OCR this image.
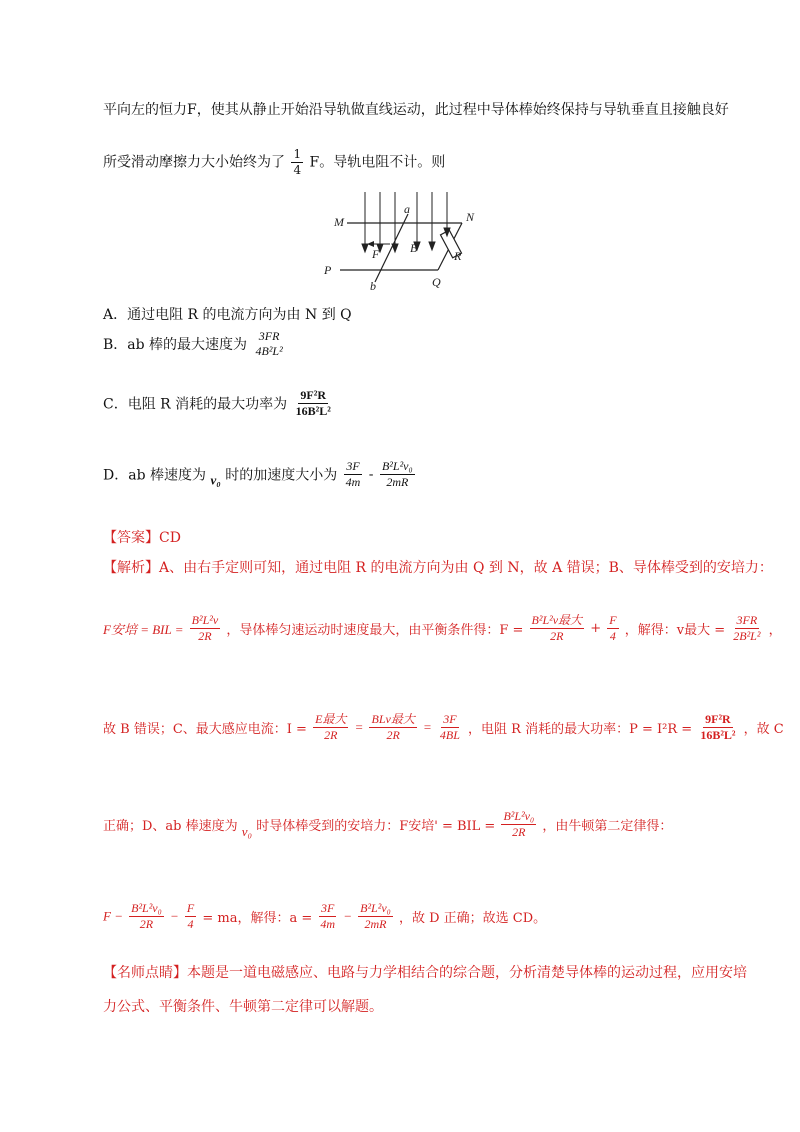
平向左的恒力F，使其从静止开始沿导轨做直线运动，此过程中导体棒始终保持与导轨垂直且接触良好
所受滑动摩擦力大小始终为了 $\frac{1}{4}$ F。导轨电阻不计。则
M	N
P
Q
a
b
F	B
R
A．通过电阻 R 的电流方向为由 N 到 Q
B．ab 棒的最大速度为
3FR
4B²L²
C．电阻 R 消耗的最大功率为 $\frac{\text{9F²R}}{\text{16B²L²}}$
D．ab 棒速度为 v₀ 时的加速度大小为 $\frac{3F}{4m} - \frac{\text{B²L²v₀}}{2mR}$
【答案】CD
【解析】A、由右手定则可知，通过电阻 R 的电流方向为由 Q 到 N，故 A 错误；B、导体棒受到的安培力：
F安培 = BIL = $\frac{\text{B²L²v}}{2R}$ ，导体棒匀速运动时速度最大，由平衡条件得：$F = \frac{\text{B²L²v最大}}{2R} + \frac{F}{4}$ ，解得：v最大 = $\frac{3FR}{\text{2B²L²}}$ ，
故 B 错误；C、最大感应电流：$I = \frac{\text{E最大}}{2R} = \frac{\text{BLv最大}}{2R} = \frac{3F}{4BL}$ ，电阻 R 消耗的最大功率：$P = I^2R = \frac{\text{9F²R}}{\text{16B²L²}}$ ，故 C
正确；D、ab 棒速度为 v₀ 时导体棒受到的安培力：F安培' = BIL = $\frac{\text{B²L²v₀}}{2R}$ ，由牛顿第二定律得：
$F - \frac{\text{B²L²v₀}}{2R} - \frac{F}{4}$ = ma，解得：$a = \frac{3F}{4m} - \frac{\text{B²L²v₀}}{2mR}$ ，故 D 正确；故选 CD。
【名师点睛】本题是一道电磁感应、电路与力学相结合的综合题，分析清楚导体棒的运动过程，应用安培
力公式、平衡条件、牛顿第二定律可以解题。
